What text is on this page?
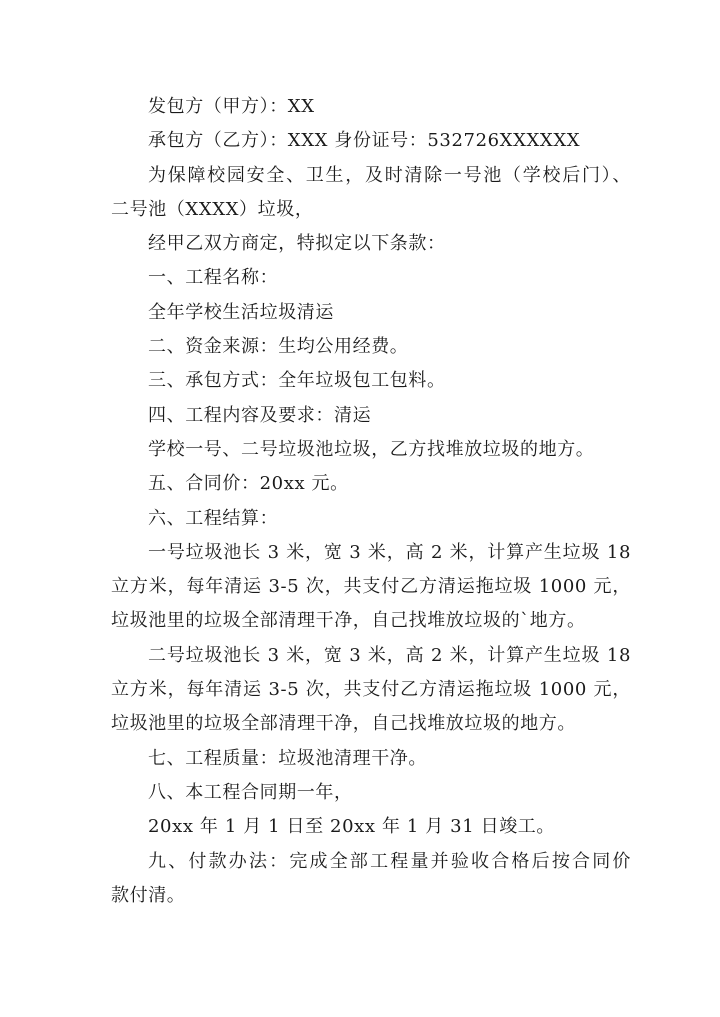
发包方（甲方）：XX
承包方（乙方）：XXX 身份证号：532726XXXXXX
为保障校园安全、卫生，及时清除一号池（学校后门）、
二号池（XXXX）垃圾，
经甲乙双方商定，特拟定以下条款：
一、工程名称：
全年学校生活垃圾清运
二、资金来源：生均公用经费。
三、承包方式：全年垃圾包工包料。
四、工程内容及要求：清运
学校一号、二号垃圾池垃圾，乙方找堆放垃圾的地方。
五、合同价：20xx 元。
六、工程结算：
一号垃圾池长 3 米，宽 3 米，高 2 米，计算产生垃圾 18
立方米，每年清运 3-5 次，共支付乙方清运拖垃圾 1000 元，
垃圾池里的垃圾全部清理干净，自己找堆放垃圾的`地方。
二号垃圾池长 3 米，宽 3 米，高 2 米，计算产生垃圾 18
立方米，每年清运 3-5 次，共支付乙方清运拖垃圾 1000 元，
垃圾池里的垃圾全部清理干净，自己找堆放垃圾的地方。
七、工程质量：垃圾池清理干净。
八、本工程合同期一年，
20xx 年 1 月 1 日至 20xx 年 1 月 31 日竣工。
九、付款办法：完成全部工程量并验收合格后按合同价
款付清。
